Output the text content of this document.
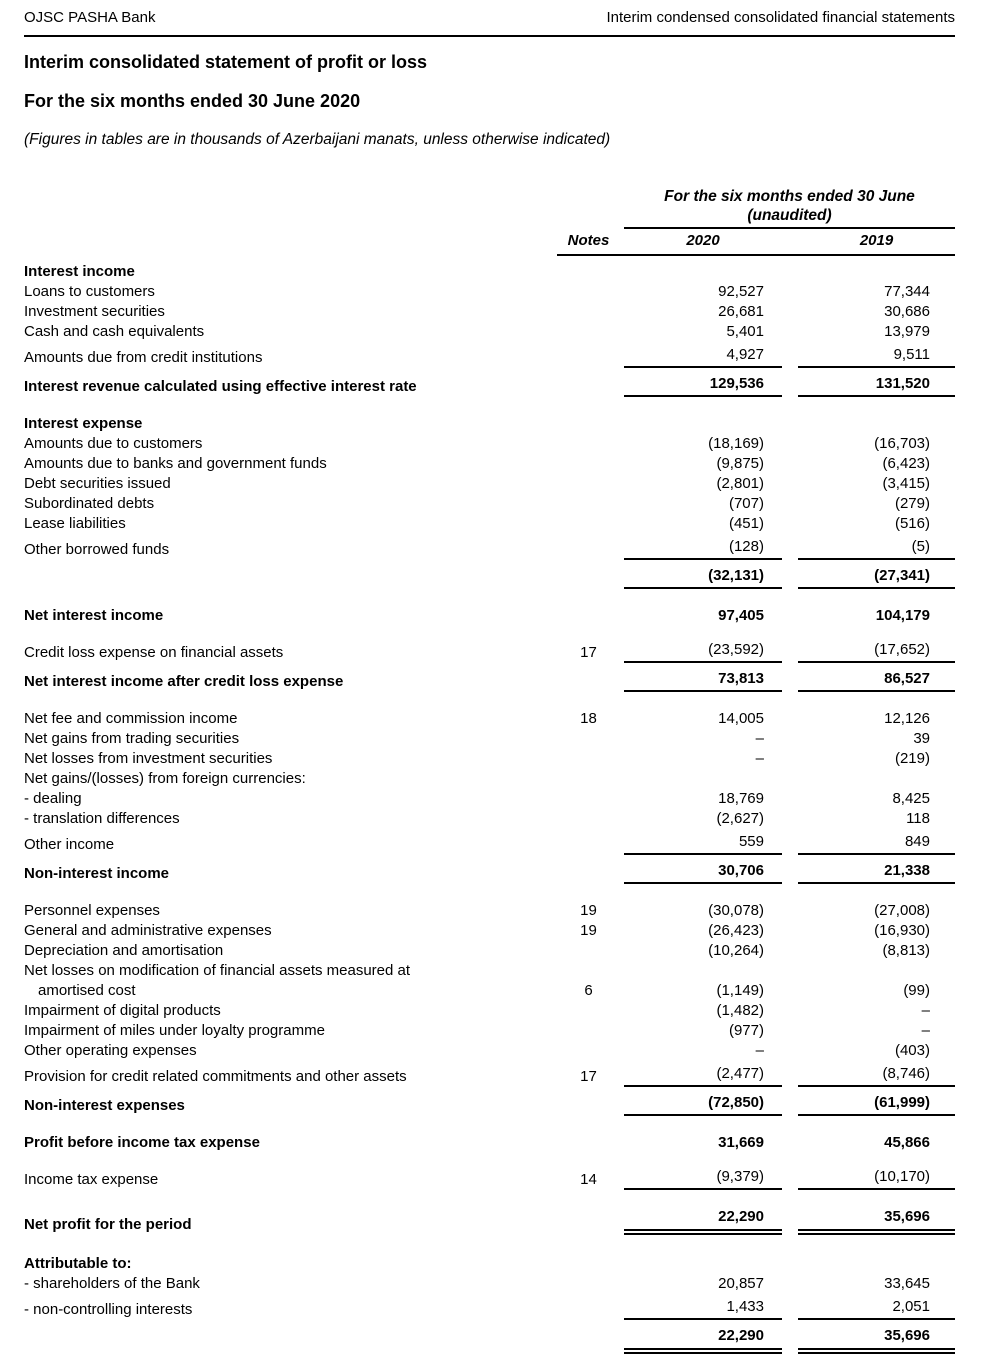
OJSC PASHA Bank	Interim condensed consolidated financial statements
Interim consolidated statement of profit or loss
For the six months ended 30 June 2020
(Figures in tables are in thousands of Azerbaijani manats, unless otherwise indicated)
For the six months ended 30 June
(unaudited)
Notes	2020	2019
Interest income
Loans to customers	92,527	77,344
Investment securities	26,681	30,686
Cash and cash equivalents	5,401	13,979
Amounts due from credit institutions	4,927	9,511
Interest revenue calculated using effective interest rate	129,536	131,520
Interest expense
Amounts due to customers	(18,169)	(16,703)
Amounts due to banks and government funds	(9,875)	(6,423)
Debt securities issued	(2,801)	(3,415)
Subordinated debts	(707)	(279)
Lease liabilities	(451)	(516)
Other borrowed funds	(128)	(5)
(32,131)	(27,341)
Net interest income	97,405	104,179
Credit loss expense on financial assets	17	(23,592)	(17,652)
Net interest income after credit loss expense	73,813	86,527
Net fee and commission income	18	14,005	12,126
Net gains from trading securities	–	39
Net losses from investment securities	–	(219)
Net gains/(losses) from foreign currencies:
- dealing	18,769	8,425
- translation differences	(2,627)	118
Other income	559	849
Non-interest income	30,706	21,338
Personnel expenses	19	(30,078)	(27,008)
General and administrative expenses	19	(26,423)	(16,930)
Depreciation and amortisation	(10,264)	(8,813)
Net losses on modification of financial assets measured at
amortised cost	6	(1,149)	(99)
Impairment of digital products	(1,482)	–
Impairment of miles under loyalty programme	(977)	–
Other operating expenses	–	(403)
Provision for credit related commitments and other assets	17	(2,477)	(8,746)
Non-interest expenses	(72,850)	(61,999)
Profit before income tax expense	31,669	45,866
Income tax expense	14	(9,379)	(10,170)
Net profit for the period	22,290	35,696
Attributable to:
- shareholders of the Bank	20,857	33,645
- non-controlling interests	1,433	2,051
22,290	35,696
